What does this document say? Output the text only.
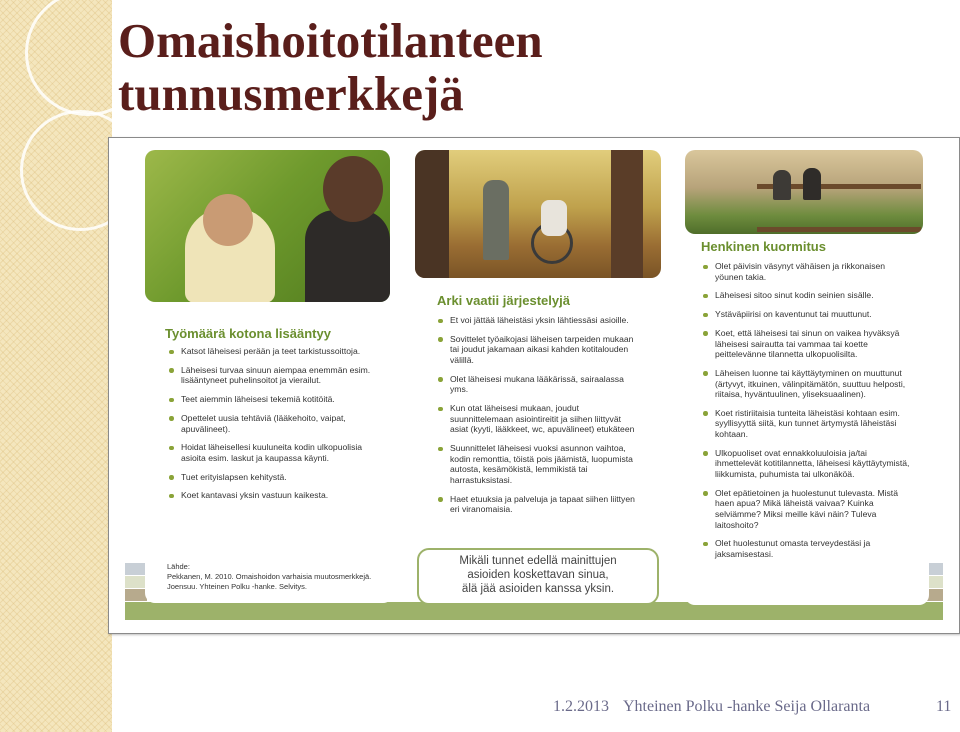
Omaishoitotilanteen
tunnusmerkkejä
Työmäärä kotona lisääntyy
Katsot läheisesi perään ja teet tarkistussoittoja.
Läheisesi turvaa sinuun aiempaa enemmän esim. lisääntyneet puhelinsoitot ja vierailut.
Teet aiemmin läheisesi tekemiä kotitöitä.
Opettelet uusia tehtäviä (lääkehoito, vaipat, apuvälineet).
Hoidat läheisellesi kuuluneita kodin ulkopuolisia asioita esim. laskut ja kaupassa käynti.
Tuet erityislapsen kehitystä.
Koet kantavasi yksin vastuun kaikesta.
Arki vaatii järjestelyjä
Et voi jättää läheistäsi yksin lähtiessäsi asioille.
Sovittelet työaikojasi läheisen tarpeiden mukaan tai joudut jakamaan aikasi kahden kotitalouden välillä.
Olet läheisesi mukana lääkärissä, sairaalassa yms.
Kun otat läheisesi mukaan, joudut suunnittelemaan asiointireitit ja siihen liittyvät asiat (kyyti, lääkkeet, wc, apuvälineet) etukäteen
Suunnittelet läheisesi vuoksi asunnon vaihtoa, kodin remonttia, töistä pois jäämistä, luopumista autosta, kesämökistä, lemmikistä tai harrastuksistasi.
Haet etuuksia ja palveluja ja tapaat siihen liittyen eri viranomaisia.
Henkinen kuormitus
Olet päivisin väsynyt vähäisen ja rikkonaisen yöunen takia.
Läheisesi sitoo sinut kodin seinien sisälle.
Ystäväpiirisi on kaventunut tai muuttunut.
Koet, että läheisesi tai sinun on vaikea hyväksyä läheisesi sairautta tai vammaa tai koette peittelevänne tilannetta ulkopuolisilta.
Läheisen luonne tai käyttäytyminen on muuttunut (ärtyvyt, itkuinen, välinpitämätön, suuttuu helposti, riitaisa, hyväntuulinen, yliseksuaalinen).
Koet ristiriitaisia tunteita läheistäsi kohtaan esim. syyllisyyttä siitä, kun tunnet ärtymystä läheistäsi kohtaan.
Ulkopuoliset ovat ennakkoluuloisia ja/tai ihmettelevät kotitilannetta, läheisesi käyttäytymistä, liikkumista, puhumista tai ulkonäköä.
Olet epätietoinen ja huolestunut tulevasta. Mistä haen apua? Mikä läheistä vaivaa? Kuinka selviämme? Miksi meille kävi näin? Tuleva laitoshoito?
Olet huolestunut omasta terveydestäsi ja jaksamisestasi.
Lähde:
Pekkanen, M. 2010. Omaishoidon varhaisia muutosmerkkejä. Joensuu. Yhteinen Polku -hanke. Selvitys.
Mikäli tunnet edellä mainittujen
asioiden koskettavan sinua,
älä jää asioiden kanssa yksin.
1.2.2013 Yhteinen Polku -hanke Seija Ollaranta	11
